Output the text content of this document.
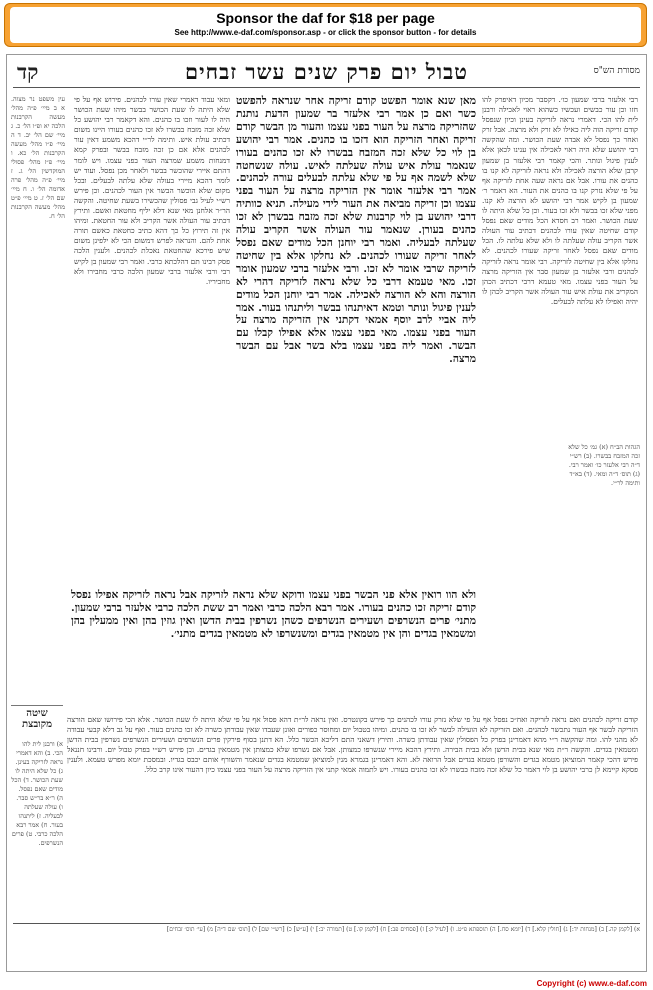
Sponsor the daf for $18 per page
See http://www.e-daf.com/sponsor.asp - or click the sponsor button - for details
מסורת הש"ס
טבול יום פרק שנים עשר זבחים
קד
רבי אלעזר ברבי שמעון כו׳. דקסבר מכיון דאיפרק להו חזו וכן עור כבשים ועכשיו כשהוא ראוי לאכילה ורבנן לית להו הכי. דאמרי נראה לזריקה בעינן וכיון שנפסל קודם זריקה הוה ליה כאילו לא זרק ולא מרצה. אבל זרק ואחר כך נפסל לא אבדה שעת הכושר. ומה שהקשה רבי יהושע שלא היה ראוי לאכילה אין ענינו לכאן אלא לענין פיגול ונותר. והכי קאמר רבי אלעזר בן שמעון קרבן שלא הורצה לאכילה ולא נראה לזריקה לא קנו בו כהנים את עורו. אבל אם נראה שעה אחת לזריקה אף על פי שלא נזרק קנו בו כהנים את העור. הא דאמר ר׳ שמעון בן לקיש אמר רבי יהושע לא הורצה לא קנו. מפני שלא זכו בבשר ולא זכו בעור. וכן כל שלא היתה לו שעת הכושר. ואמר רב חסדא הכל מודים שאם נפסל קודם שחיטה שאין עורו לכהנים דכתיב עור העולה אשר הקריב עולה שעלתה לו ולא שלא עלתה לו. הכל מודים שאם נפסל לאחר זריקה שעורו לכהנים. לא נחלקו אלא בין שחיטה לזריקה. רבי אומר נראה לזריקה לכהנים ורבי אלעזר בן שמעון סבר אין הזריקה מרצה על העור בפני עצמו. מאי טעמא דרבי דכתיב הכהן המקריב את עולת איש עור העולה אשר הקריב לכהן לו יהיה ואפילו לא עלתה לבעלים.
מאן שנא אומר הפשט קודם זריקה אחר שנראה להפשט כשר ואם כן אמר רבי אלעזר בר שמעון הדעת נותנת שהזריקה מרצה על העור בפני עצמו והעור מן הבשר קודם זריקה ואחר הזריקה הוא דזכו בו כהנים. אמר רבי יהושע בן לוי כל שלא זכה המזבח בבשרו לא זכו כהנים בעורו שנאמר עולת איש עולה שעלתה לאיש. עולה שנשחטה שלא לשמה אף על פי שלא עלתה לבעלים עורה לכהנים. אמר רבי אלעזר אומר אין הזריקה מרצה על העור בפני עצמו וכן זריקה מביאה את העור לידי מעילה. תניא כוותיה דרבי יהושע בן לוי קרבנות שלא זכה מזבח בבשרן לא זכו כהנים בעורן. שנאמר עור העולה אשר הקריב עולה שעלתה לבעליה. ואמר רבי יוחנן הכל מודים שאם נפסל לאחר זריקה שעורו לכהנים. לא נחלקו אלא בין שחיטה לזריקה שרבי אומר לא זכו. ורבי אלעזר ברבי שמעון אומר זכו. מאי טעמא דרבי כל שלא נראה לזריקה דהרי לא הורצה והא לא הורצה לאכילה. אמר רבי יוחנן הכל מודים לענין פיגול ונותר וטמא דאיתנהו בבשר וליתנהו בעור. אמר ליה אביי לרב יוסף אמאי דקתני אין הזריקה מרצה על העור בפני עצמו. מאי בפני עצמו אלא אפילו קבלו עם הבשר. ואמר ליה בפני עצמו בלא בשר אבל עם הבשר מרצה.
ומאי עבוד דאמרי שאין עורו לכהנים. פירוש אף על פי שלא היתה לו שעת הכושר בבשר מיהו שעת הכושר היה לו לעור וזכו בו כהנים. והא דקאמר רבי יהושע כל שלא זכה מזבח בבשרו לא זכו כהנים בעורו היינו משום דכתיב עולת איש. ותימה לר״י דהכא משמע דאין עור לכהנים אלא אם כן זכה מזבח בבשר ובפרק קמא דמנחות משמע שמרצה העור בפני עצמו. ויש לומר דהתם איירי שהוכשר בבשר ולאחר מכן נפסל. ועוד יש לומר דהכא מיירי בעולה שלא עלתה לבעלים. ובכל מקום שלא הוכשר הבשר אין העור לכהנים. וכן פירש רש״י לעיל גבי פסולין שהכשירו בשעת שחיטה. והקשה הר״ר אלחנן מאי שנא דלא יליף מחטאת ואשם. ותירץ דכתיב עור העולה אשר הקריב ולא עור החטאת. ומיהו אין זה תירוץ כל כך דהא כתיב כחטאת כאשם תורה אחת להם. והנראה לפרש דמשום הכי לא ילפינן משום שיש פירכא שהחטאת נאכלת לכהנים. ולענין הלכה פסק רבינו תם דהלכתא כרבי. ואמר רבי שמעון בן לקיש רבי ורבי אלעזר ברבי שמעון הלכה כרבי מחבירו ולא מחביריו.
ולא הוו רואין אלא פני הבשר בפני עצמו ודוקא שלא נראה לזריקה אבל נראה לזריקה אפילו נפסל קודם זריקה זכו כהנים בעורו. אמר רבא הלכה כרבי ואמר רב ששת הלכה כרבי אלעזר ברבי שמעון. מתני׳ פרים הנשרפים ושעירים הנשרפים כשהן נשרפין בבית הדשן ואין גוזין בהן ואין ממעלין בהן ומשמאין בגדים והן אין מטמאין בגדים ומשנשרפו לא מטמאין בגדים מתני׳.
עין משפט נר מצוה. א ב מיי׳ פ״ה מהל׳ מעשה הקרבנות הלכה יא ופ״ו הל׳ כ. ג מיי׳ שם הל׳ יב. ד ה מיי׳ פ״ו מהל׳ מעשה הקרבנות הל׳ כא. ו מיי׳ פ״ז מהל׳ פסולי המוקדשין הל׳ ג. ז מיי׳ פ״ה מהל׳ פרה אדומה הל׳ ו. ח מיי׳ שם הל׳ ז. ט מיי׳ פ״ט מהל׳ מעשה הקרבנות הל׳ ח.
הגהות הב״ח (א) גמ׳ כל שלא זכה המזבח בבשרו. (ב) רש״י ד״ה רבי אלעזר כו׳ ואמר רבי. (ג) תוס׳ ד״ה ומאי. (ד) בא״ד ותימה לר״י.
שיטה מקובצת
א) ורבנן לית להו הכי. ב) והא דאמרי נראה לזריקה בעינן. ג) כל שלא היתה לו שעת הכושר. ד) הכל מודים שאם נפסל. ה) ר״א בר״ש סבר. ו) עולה שעלתה לבעליה. ז) ליתנהו בעור. ח) אמר רבא הלכה כרבי. ט) פרים הנשרפים.
קודם זריקה לכהנים ואם נראה לזריקה ואח״כ נפסל אף על פי שלא נזרק עורו לכהנים כך פירש בקונטרס. ואין נראה לר״ת דהא פסול אף על פי שלא היתה לו שעת הכושר. אלא הכי פירושו שאם הורצה הזריקה לבשר אף העור נתכשר לכהנים. ואם הזריקה לא הועילה לבשר לא זכו בו כהנים. ומיהו בטבול יום ומחוסר כפורים ואונן שעבדו שאין עבודתן כשרה לא זכו כהנים בעור. ואף על גב דלא קבעי עבודה לא מהני להו. ומה שהקשה ר״י מהא דאמרינן בפרק כל הפסולין שאין עבודתן כשרה. ותירץ דשאני התם דליכא הכשר כלל. הא דתנן בסוף פירקין פרים הנשרפים ושעירים הנשרפים נשרפין בבית הדשן ומטמאין בגדים. והקשה ר״ת מאי שנא בבית הדשן ולא בבית הבירה. ותירץ דהכא מיירי שנשרפו כמצותן. אבל אם נשרפו שלא כמצותן אין מטמאין בגדים. וכן פירש רש״י בפרק טבול יום. ורבינו חננאל פירש דהכי קאמר המוציאן מטמא בגדים והשורפן מטמא בגדים אבל הרואה לא. והא דאמרינן בגמרא מנין למוציאן שמטמא בגדים שנאמר והשורף אותם יכבס בגדיו. ובמסכת יומא מפרש טעמא. ולענין פסקא קיימא לן כרבי יהושע בן לוי דאמר כל שלא זכה מזבח בבשרו לא זכו כהנים בעורו. ויש לתמוה אמאי קתני אין הזריקה מרצה על העור בפני עצמו כיון דהעור אינו קרב כלל.
א) [לקמן קה.] ב) [מנחות יד:] ג) [חולין קלא.] ד) [יומא סח.] ה) תוספתא פ״ט. ו) [לעיל ק:] ז) [פסחים פב:] ח) [לקמן קו.] ט) [תמורה יב:] י) [ע״ש] כ) [רש״י שם] ל) [תוס׳ שם ד״ה] מ) [עי׳ תוס׳ זבחים]
Copyright (c) www.e-daf.com
